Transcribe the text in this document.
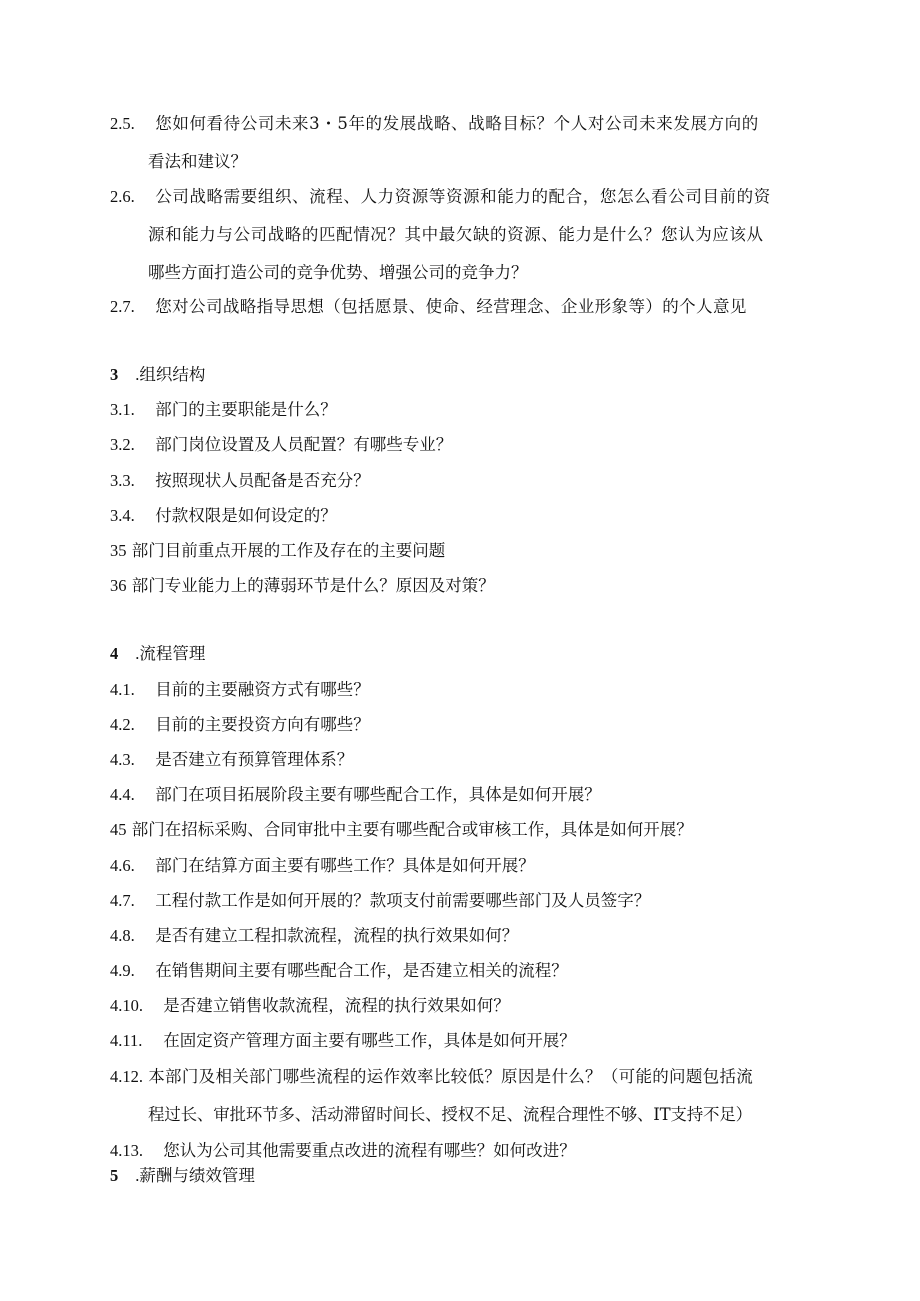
2.5. 您如何看待公司未来3・5年的发展战略、战略目标？个人对公司未来发展方向的
看法和建议？
2.6. 公司战略需要组织、流程、人力资源等资源和能力的配合，您怎么看公司目前的资
源和能力与公司战略的匹配情况？其中最欠缺的资源、能力是什么？您认为应该从
哪些方面打造公司的竞争优势、增强公司的竞争力？
2.7. 您对公司战略指导思想（包括愿景、使命、经营理念、企业形象等）的个人意见
3 .组织结构
3.1. 部门的主要职能是什么？
3.2. 部门岗位设置及人员配置？有哪些专业？
3.3. 按照现状人员配备是否充分？
3.4. 付款权限是如何设定的？
35 部门目前重点开展的工作及存在的主要问题
36 部门专业能力上的薄弱环节是什么？原因及对策？
4 .流程管理
4.1. 目前的主要融资方式有哪些？
4.2. 目前的主要投资方向有哪些？
4.3. 是否建立有预算管理体系？
4.4. 部门在项目拓展阶段主要有哪些配合工作，具体是如何开展？
45 部门在招标采购、合同审批中主要有哪些配合或审核工作，具体是如何开展？
4.6. 部门在结算方面主要有哪些工作？具体是如何开展？
4.7. 工程付款工作是如何开展的？款项支付前需要哪些部门及人员签字？
4.8. 是否有建立工程扣款流程，流程的执行效果如何？
4.9. 在销售期间主要有哪些配合工作，是否建立相关的流程？
4.10. 是否建立销售收款流程，流程的执行效果如何？
4.11. 在固定资产管理方面主要有哪些工作，具体是如何开展？
4.12. 本部门及相关部门哪些流程的运作效率比较低？原因是什么？（可能的问题包括流
程过长、审批环节多、活动滞留时间长、授权不足、流程合理性不够、IT支持不足）
4.13. 您认为公司其他需要重点改进的流程有哪些？如何改进？
5 .薪酬与绩效管理
